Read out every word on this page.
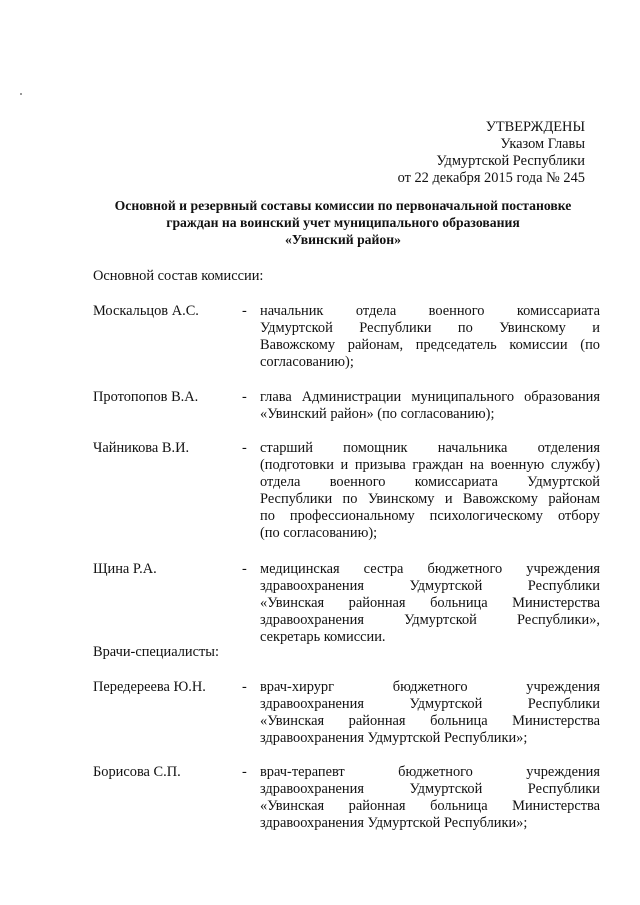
УТВЕРЖДЕНЫ
Указом Главы
Удмуртской Республики
от 22 декабря 2015 года № 245
Основной и резервный составы комиссии по первоначальной постановке
граждан на воинский учет муниципального образования
«Увинский район»
Основной состав комиссии:
Москальцов А.С.	- начальник отдела военного комиссариата
Удмуртской Республики по Увинскому и
Вавожскому районам, председатель комиссии (по
согласованию);
Протопопов В.А.	- глава Администрации муниципального образования
«Увинский район» (по согласованию);
Чайникова В.И.	- старший помощник начальника отделения
(подготовки и призыва граждан на военную службу)
отдела военного комиссариата Удмуртской
Республики по Увинскому и Вавожскому районам
по профессиональному психологическому отбору
(по согласованию);
Щина Р.А.	- медицинская сестра бюджетного учреждения
здравоохранения Удмуртской Республики
«Увинская районная больница Министерства
здравоохранения Удмуртской Республики»,
секретарь комиссии.
Врачи-специалисты:
Передереева Ю.Н.	- врач-хирург бюджетного учреждения
здравоохранения Удмуртской Республики
«Увинская районная больница Министерства
здравоохранения Удмуртской Республики»;
Борисова С.П.	- врач-терапевт бюджетного учреждения
здравоохранения Удмуртской Республики
«Увинская районная больница Министерства
здравоохранения Удмуртской Республики»;
